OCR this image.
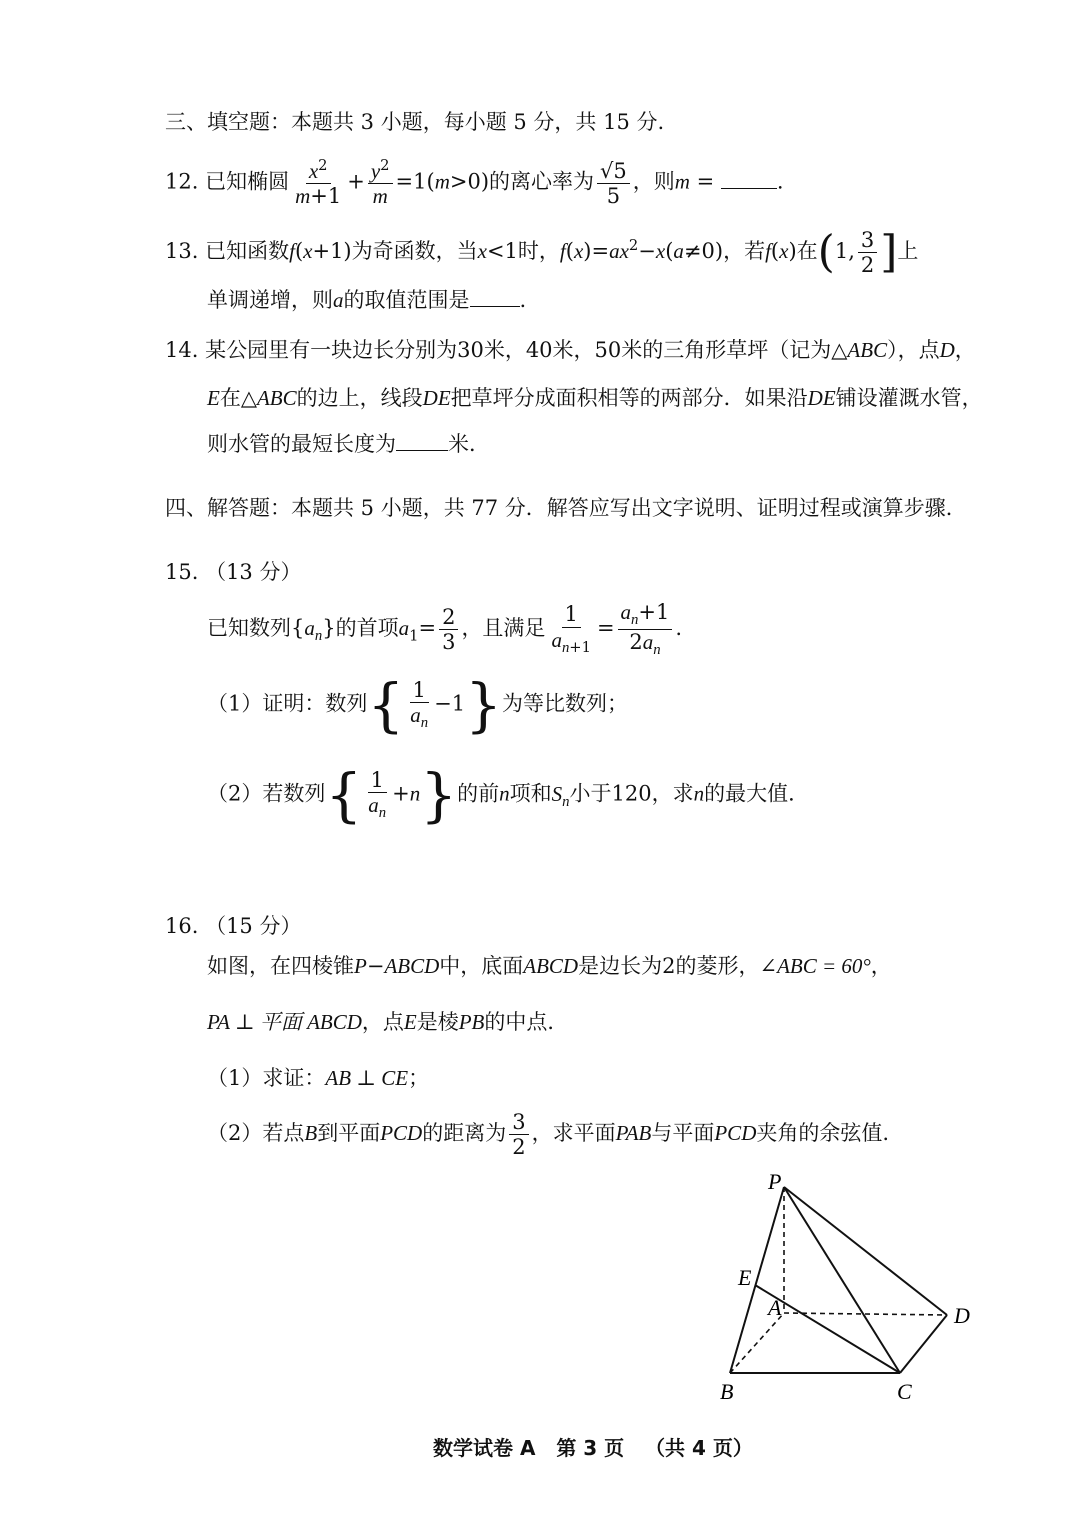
三、填空题：本题共 3 小题，每小题 5 分，共 15 分.
12. 已知椭圆 $\frac{x^2}{m+1} + \frac{y^2}{m} =1(m>0)$的离心率为 $\frac{√5}{5}$ ，则m =	.
13. 已知函数f(x+1)为奇函数，当x<1时，$f(x)=ax^2-x(a\ne 0)$，若f(x)在(1, $\frac{3}{2}$ ]上
单调递增，则a的取值范围是 .
14. 某公园里有一块边长分别为30米，40米，50米的三角形草坪（记为△ABC），点D，
E在△ABC的边上，线段DE把草坪分成面积相等的两部分．如果沿DE铺设灌溉水管，
则水管的最短长度为 米．
四、解答题：本题共 5 小题，共 77 分．解答应写出文字说明、证明过程或演算步骤．
15. （13 分）
已知数列$\{a_n\}$的首项$a_1= \frac{2}{3}$ ，且满足 $\frac{1}{a_{n+1}} = \frac{a_n+1}{2a_n}$ .
（1）证明：数列{ $\frac{1}{a_n} -1$}为等比数列；
（2）若数列{ $\frac{1}{a_n} +n$}的前n项和$S_n$小于120，求n的最大值．
16. （15 分）
如图，在四棱锥P−ABCD中，底面ABCD是边长为2的菱形，∠ABC = 60°，
PA ⊥ 平面 ABCD，点E是棱PB的中点．
（1）求证：AB ⊥ CE；
（2）若点B到平面PCD的距离为 $\frac{3}{2}$ ，求平面PAB与平面PCD夹角的余弦值.
P
E
A	D
B	C
数学试卷 A   第 3 页   （共 4 页）
